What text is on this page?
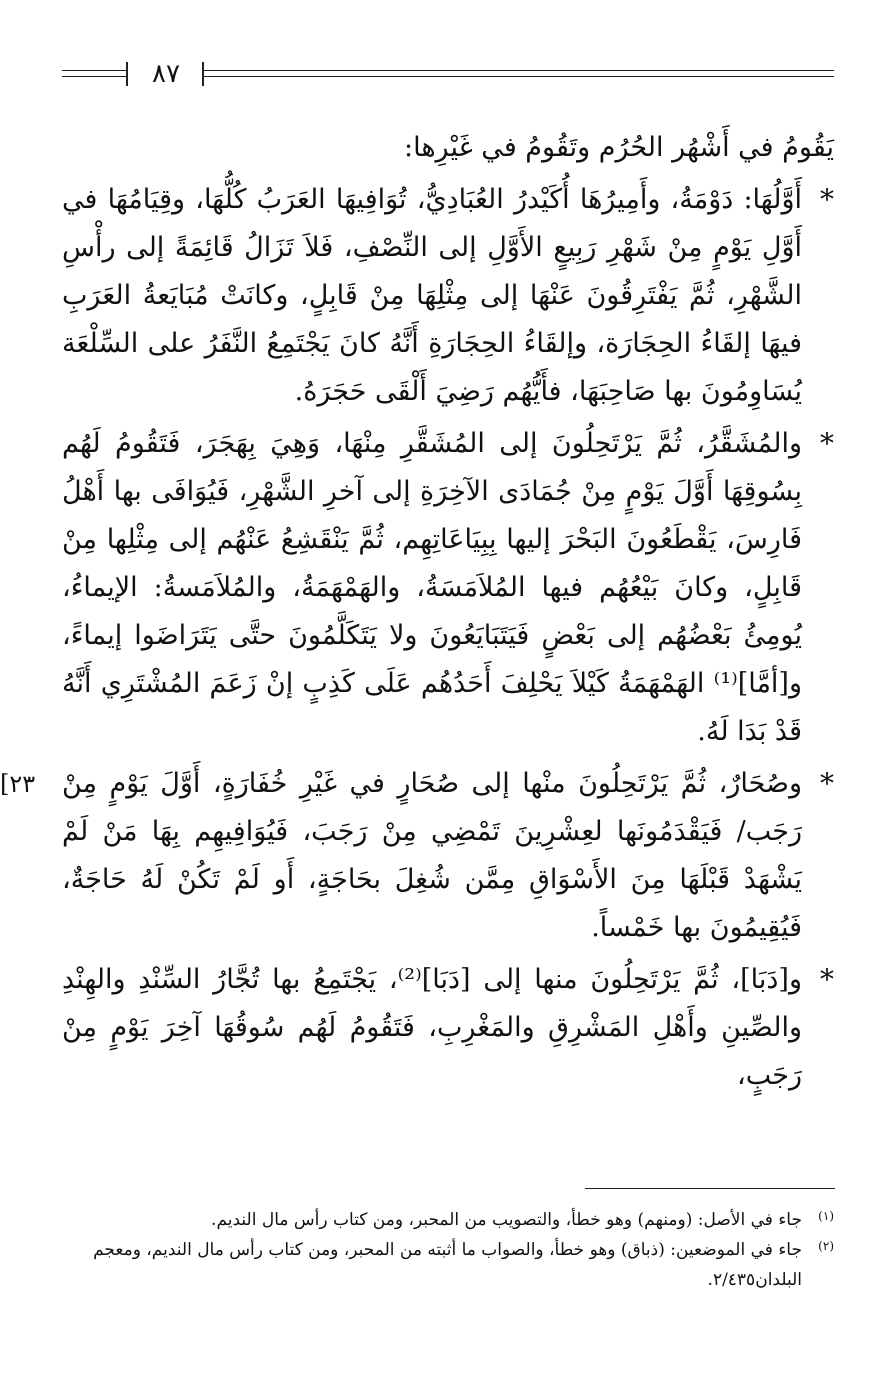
٨٧

يَقُومُ في أَشْهُر الحُرُم وتَقُومُ في غَيْرِها:

*
أَوَّلُهَا: دَوْمَةُ، وأَمِيرُهَا أُكَيْدرُ العُبَادِيُّ، تُوَافِيهَا العَرَبُ كُلُّهَا، وقِيَامُهَا في أَوَّلِ يَوْمٍ مِنْ شَهْرِ رَبِيعٍ الأَوَّلِ إلى النِّصْفِ، فَلاَ تَزَالُ قَائِمَةً إلى رأْسِ الشَّهْرِ، ثُمَّ يَفْتَرِقُونَ عَنْهَا إلى مِثْلِهَا مِنْ قَابِلٍ، وكانَتْ مُبَايَعةُ العَرَبِ فيهَا إلقَاءُ الحِجَارَة، وإلقَاءُ الحِجَارَةِ أَنَّهُ كانَ يَجْتَمِعُ النَّفَرُ على السِّلْعَة يُسَاوِمُونَ بها صَاحِبَهَا، فأَيُّهُم رَضِيَ أَلْقَى حَجَرَهُ.

*
والمُشَقَّرُ، ثُمَّ يَرْتَحِلُونَ إلى المُشَقَّرِ مِنْهَا، وَهِيَ بِهَجَرَ، فَتَقُومُ لَهُم بِسُوقِهَا أَوَّلَ يَوْمٍ مِنْ جُمَادَى الآخِرَةِ إلى آخرِ الشَّهْرِ، فَيُوَافَى بها أَهْلُ فَارِسَ، يَقْطَعُونَ البَحْرَ إليها بِبِيَاعَاتِهِم، ثُمَّ يَنْقَشِعُ عَنْهُم إلى مِثْلِها مِنْ قَابِلٍ، وكانَ بَيْعُهُم فيها المُلاَمَسَةُ، والهَمْهَمَةُ، والمُلاَمَسةُ: الإيماءُ، يُومِئُ بَعْضُهُم إلى بَعْضٍ فَيَتَبَايَعُونَ ولا يَتَكَلَّمُونَ حتَّى يَتَرَاضَوا إيماءً، و[أمَّا]⁽¹⁾ الهَمْهَمَةُ كَيْلاَ يَحْلِفَ أَحَدُهُم عَلَى كَذِبٍ إنْ زَعَمَ المُشْتَرِي أَنَّهُ قَدْ بَدَا لَهُ.

*
٢٣] وصُحَارٌ، ثُمَّ يَرْتَحِلُونَ منْها إلى صُحَارٍ في غَيْرِ خُفَارَةٍ، أَوَّلَ يَوْمٍ مِنْ رَجَب/ فَيَقْدَمُونَها لعِشْرِينَ تَمْضِي مِنْ رَجَبَ، فَيُوَافِيهِم بِهَا مَنْ لَمْ يَشْهَدْ قَبْلَهَا مِنَ الأَسْوَاقِ مِمَّن شُغِلَ بحَاجَةٍ، أَو لَمْ تَكُنْ لَهُ حَاجَةٌ، فَيُقِيمُونَ بها خَمْساً.

*
و[دَبَا]، ثُمَّ يَرْتَحِلُونَ منها إلى [دَبَا]⁽²⁾، يَجْتَمِعُ بها تُجَّارُ السِّنْدِ والهِنْدِ والصِّينِ وأَهْلِ المَشْرِقِ والمَغْرِبِ، فَتَقُومُ لَهُم سُوقُهَا آخِرَ يَوْمٍ مِنْ رَجَبٍ،

(١)
جاء في الأصل: (ومنهم) وهو خطأ، والتصويب من المحبر، ومن كتاب رأس مال النديم.

(٢)
جاء في الموضعين: (ذباق) وهو خطأ، والصواب ما أثبته من المحبر، ومن كتاب رأس مال النديم، ومعجم البلدان٢/٤٣٥.
